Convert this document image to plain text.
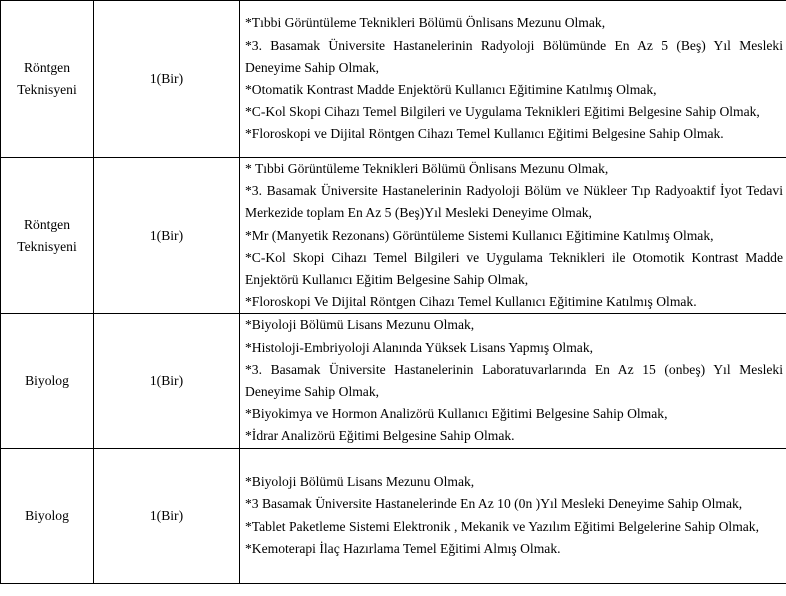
Röntgen Teknisyeni	1(Bir)	*Tıbbi Görüntüleme Teknikleri Bölümü Önlisans Mezunu Olmak,
*3. Basamak Üniversite Hastanelerinin Radyoloji Bölümünde En Az 5 (Beş) Yıl Mesleki Deneyime Sahip Olmak,
*Otomatik Kontrast Madde Enjektörü Kullanıcı Eğitimine Katılmış Olmak,
*C-Kol Skopi Cihazı Temel Bilgileri ve Uygulama Teknikleri Eğitimi Belgesine Sahip Olmak,
*Floroskopi ve Dijital Röntgen Cihazı Temel Kullanıcı Eğitimi Belgesine Sahip Olmak.

Röntgen Teknisyeni	1(Bir)	* Tıbbi Görüntüleme Teknikleri Bölümü Önlisans Mezunu Olmak,
*3. Basamak Üniversite Hastanelerinin Radyoloji Bölüm ve Nükleer Tıp Radyoaktif İyot Tedavi Merkezide toplam En Az 5 (Beş)Yıl Mesleki Deneyime Olmak,
*Mr (Manyetik Rezonans) Görüntüleme Sistemi Kullanıcı Eğitimine Katılmış Olmak,
*C-Kol Skopi Cihazı Temel Bilgileri ve Uygulama Teknikleri ile Otomotik Kontrast Madde Enjektörü Kullanıcı Eğitim Belgesine Sahip Olmak,
*Floroskopi Ve Dijital Röntgen Cihazı Temel Kullanıcı Eğitimine Katılmış Olmak.

Biyolog	1(Bir)	*Biyoloji Bölümü Lisans Mezunu Olmak,
*Histoloji-Embriyoloji Alanında Yüksek Lisans Yapmış Olmak,
*3. Basamak Üniversite Hastanelerinin Laboratuvarlarında En Az 15 (onbeş) Yıl Mesleki Deneyime Sahip Olmak,
*Biyokimya ve Hormon Analizörü Kullanıcı Eğitimi Belgesine Sahip Olmak,
*İdrar Analizörü Eğitimi Belgesine Sahip Olmak.

Biyolog	1(Bir)	*Biyoloji Bölümü Lisans Mezunu Olmak,
*3 Basamak Üniversite Hastanelerinde En Az 10 (0n )Yıl Mesleki Deneyime Sahip Olmak,
*Tablet Paketleme Sistemi Elektronik , Mekanik ve Yazılım Eğitimi Belgelerine Sahip Olmak,
*Kemoterapi İlaç Hazırlama Temel Eğitimi Almış Olmak.
